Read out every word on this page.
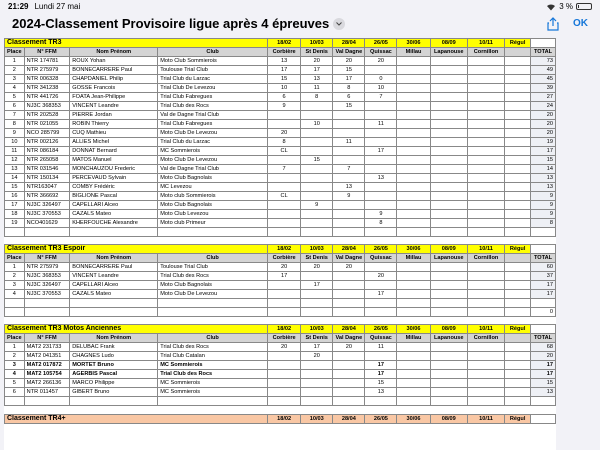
21:29 Lundi 27 mai	3 %
2024-Classement Provisoire ligue après 4 épreuves	OK
Classement TR3				18/02	10/03	28/04	26/05	30/06	08/09	10/11	Régul	
Place	N° FFM	Nom Prénom	Club	Corbière	St Denis	Val Dagne	Quissac	Millau	Lapanouse	Cornillon		TOTAL
1	NTR 174781	ROUX Yohan	Moto Club Sommierois	13	20	20	20					73
2	NTR 275979	BONNECARRERE Paul	Toulouse Trial Club	17	17	15						49
3	NTR 006328	CHAPDANIEL Philip	Trial Club du Larzac	15	13	17	0					45
4	NTR 341238	GOSSE Francois	Trial Club De Levezou	10	11	8	10					39
5	NTR 441726	FOATA Jean-Philippe	Trial Club Fabregues	6	8	6	7					27
6	NJ3C 368353	VINCENT Leandre	Trial Club des Rocs	9		15						24
7	NTR 202528	PIERRE Jordan	Val de Dagne Trial Club									20
8	NTR 021055	ROBIN Thierry	Trial Club Fabregues		10		11					20
9	NCO 285799	CUQ Mathieu	Moto Club De Levezou	20								20
10	NTR 002126	ALLIES Michel	Trial Club du Larzac	8		11						19
11	NTR 086184	DONNAT Bernard	MC Sommierois	CL			17					17
12	NTR 265058	MATOS Manuel	Moto Club De Levezou		15							15
13	NTR 031546	MONCHAUZOU Frederic	Val de Dagne Trial Club	7		7						14
14	NTR 150134	PERCEVAUD Sylvain	Moto Club Bagnolais				13					13
15	NTR163047	COMBY Frédéric	MC Levezou			13						13
16	NTR 366692	BIGLIONE Pascal	Moto club Sommierois	CL		9						9
17	NJ3C 326497	CAPELLARI Alceo	Moto Club Bagnolais		9							9
18	NJ3C 370553	CAZALS Mateo	Moto Club Levezou				9					9
19	NCO401629	KHERFOUCHE Alexandre	Moto club Primeur				8					8

Classement TR3 Espoir				18/02	10/03	28/04	26/05	30/06	08/09	10/11	Régul	
Place	N° FFM	Nom Prénom	Club	Corbière	St Denis	Val Dagne	Quissac	Millau	Lapanouse	Cornillon		TOTAL
1	NTR 275979	BONNECARRERE Paul	Toulouse Trial Club	20	20	20						60
2	NJ3C 368353	VINCENT Leandre	Trial Club des Rocs	17			20					37
3	NJ3C 326497	CAPELLARI Alceo	Moto Club Bagnolais		17							17
4	NJ3C 370553	CAZALS Mateo	Moto Club De Levezou				17					17

												0

Classement TR3 Motos Anciennes				18/02	10/03	28/04	26/05	30/06	08/09	10/11	Régul	
Place	N° FFM	Nom Prénom	Club	Corbière	St Denis	Val Dagne	Quissac	Millau	Lapanouse	Cornillon		TOTAL
1	MAT2 231733	DELUBAC Frank	Trial Club des Rocs	20	17	20	11					68
2	MAT2 041351	CHAGNES Ludo	Trial Club Catalan		20							20
3	MAT2 017872	MORTET Bruno	MC Sommierois				17					17
4	MAT2 105754	AGERBIS Pascal	Trial Club des Rocs				17					17
5	MAT2 266136	MARCO Philippe	MC Sommierois				15					15
6	NTR 011457	GIBERT Bruno	MC Sommierois				13					13

Classement TR4+				18/02	10/03	28/04	26/05	30/06	08/09	10/11	Régul	
